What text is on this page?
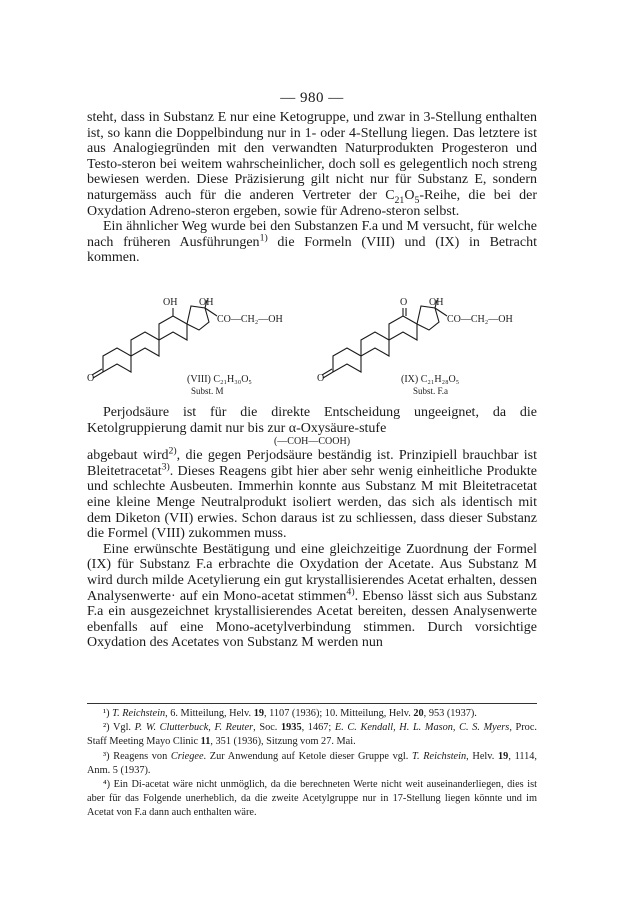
— 980 —

steht, dass in Substanz E nur eine Ketogruppe, und zwar in 3-Stellung enthalten ist, so kann die Doppelbindung nur in 1- oder 4-Stellung liegen. Das letztere ist aus Analogiegründen mit den verwandten Naturprodukten Progesteron und Testo-steron bei weitem wahrscheinlicher, doch soll es gelegentlich noch streng bewiesen werden. Diese Präzisierung gilt nicht nur für Substanz E, sondern naturgemäss auch für die anderen Vertreter der $C_{21}O_5$-Reihe, die bei der Oxydation Adreno-steron ergeben, sowie für Adreno-steron selbst.

Ein ähnlicher Weg wurde bei den Substanzen F.a und M versucht, für welche nach früheren Ausführungen$^{1)}$ die Formeln (VIII) und (IX) in Betracht kommen.

O
OH OH
CO—CH₂—OH
(VIII) C₂₁H₃₀O₅
Subst. M
O
O OH
CO—CH₂—OH
(IX) C₂₁H₂₈O₅
Subst. F.a

Perjodsäure ist für die direkte Entscheidung ungeeignet, da die Ketolgruppierung damit nur bis zur α-Oxysäure-stufe

(—COH—COOH)

abgebaut wird$^{2)}$, die gegen Perjodsäure beständig ist. Prinzipiell brauchbar ist Bleitetracetat$^{3)}$. Dieses Reagens gibt hier aber sehr wenig einheitliche Produkte und schlechte Ausbeuten. Immerhin konnte aus Substanz M mit Bleitetracetat eine kleine Menge Neutralprodukt isoliert werden, das sich als identisch mit dem Diketon (VII) erwies. Schon daraus ist zu schliessen, dass dieser Substanz die Formel (VIII) zukommen muss.

Eine erwünschte Bestätigung und eine gleichzeitige Zuordnung der Formel (IX) für Substanz F.a erbrachte die Oxydation der Acetate. Aus Substanz M wird durch milde Acetylierung ein gut krystallisierendes Acetat erhalten, dessen Analysenwerte· auf ein Mono-acetat stimmen$^{4)}$. Ebenso lässt sich aus Substanz F.a ein ausgezeichnet krystallisierendes Acetat bereiten, dessen Analysenwerte ebenfalls auf eine Mono-acetylverbindung stimmen. Durch vorsichtige Oxydation des Acetates von Substanz M werden nun

¹) T. Reichstein, 6. Mitteilung, Helv. 19, 1107 (1936); 10. Mitteilung, Helv. 20, 953 (1937).

²) Vgl. P. W. Clutterbuck, F. Reuter, Soc. 1935, 1467; E. C. Kendall, H. L. Mason, C. S. Myers, Proc. Staff Meeting Mayo Clinic 11, 351 (1936), Sitzung vom 27. Mai.

³) Reagens von Criegee. Zur Anwendung auf Ketole dieser Gruppe vgl. T. Reichstein, Helv. 19, 1114, Anm. 5 (1937).

⁴) Ein Di-acetat wäre nicht unmöglich, da die berechneten Werte nicht weit auseinanderliegen, dies ist aber für das Folgende unerheblich, da die zweite Acetylgruppe nur in 17-Stellung liegen könnte und im Acetat von F.a dann auch enthalten wäre.
